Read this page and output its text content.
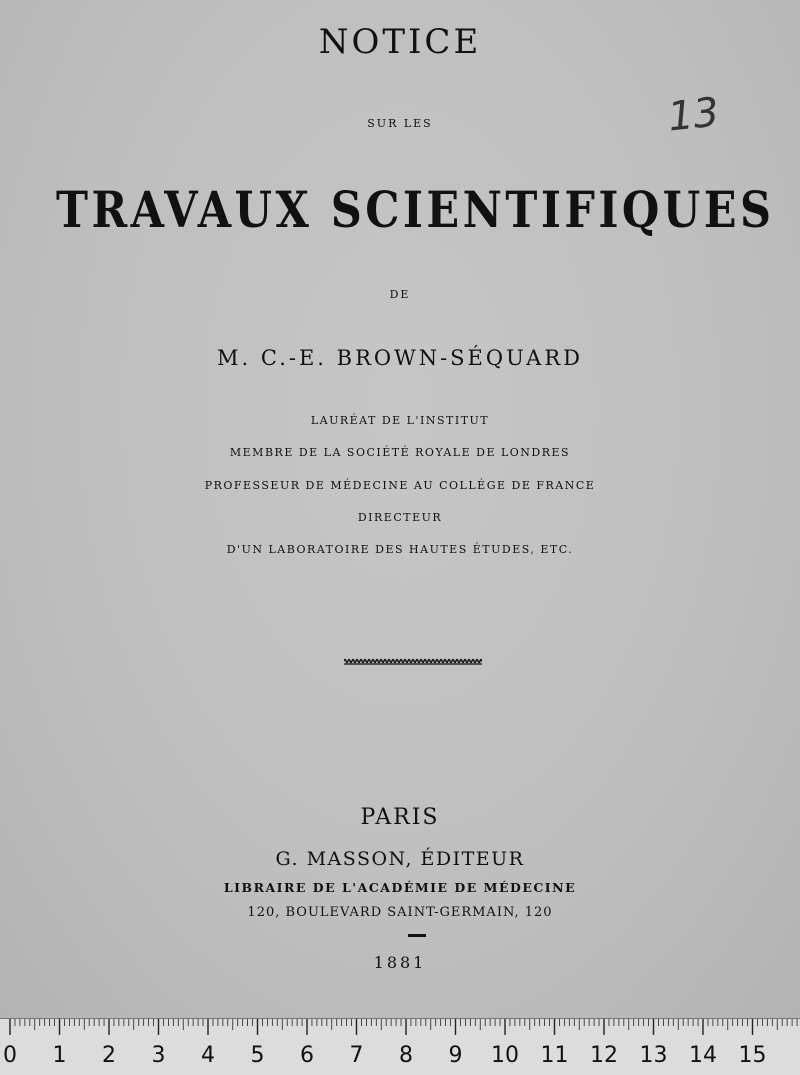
NOTICE
SUR LES
TRAVAUX SCIENTIFIQUES
DE
M. C.-E. BROWN-SÉQUARD
LAURÉAT DE L'INSTITUT
MEMBRE DE LA SOCIÉTÉ ROYALE DE LONDRES
PROFESSEUR DE MÉDECINE AU COLLÉGE DE FRANCE
DIRECTEUR
D'UN LABORATOIRE DES HAUTES ÉTUDES, ETC.
PARIS
G. MASSON, ÉDITEUR
LIBRAIRE DE L'ACADÉMIE DE MÉDECINE
120, BOULEVARD SAINT-GERMAIN, 120
1881
13
0 1 2 3 4 5 6 7 8 9 10 11 12 13 14 15
